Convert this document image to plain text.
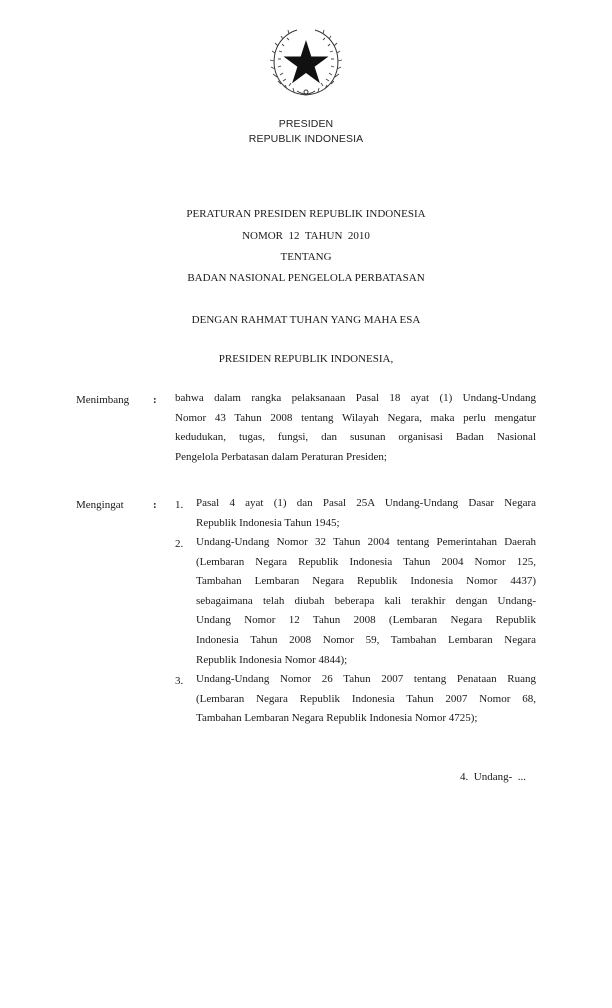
PRESIDEN
REPUBLIK INDONESIA
PERATURAN PRESIDEN REPUBLIK INDONESIA
NOMOR  12  TAHUN  2010
TENTANG
BADAN NASIONAL PENGELOLA PERBATASAN
DENGAN RAHMAT TUHAN YANG MAHA ESA
PRESIDEN REPUBLIK INDONESIA,
Menimbang : bahwa dalam rangka pelaksanaan Pasal 18 ayat (1) Undang-Undang
Nomor 43 Tahun 2008 tentang Wilayah Negara, maka perlu mengatur
kedudukan, tugas, fungsi, dan susunan organisasi Badan Nasional
Pengelola Perbatasan dalam Peraturan Presiden;
Mengingat	: 1. Pasal 4 ayat (1) dan Pasal 25A Undang-Undang Dasar Negara
Republik Indonesia Tahun 1945;
2. Undang-Undang Nomor 32 Tahun 2004 tentang Pemerintahan Daerah
(Lembaran Negara Republik Indonesia Tahun 2004 Nomor 125,
Tambahan Lembaran Negara Republik Indonesia Nomor 4437)
sebagaimana telah diubah beberapa kali terakhir dengan Undang-
Undang Nomor 12 Tahun 2008 (Lembaran Negara Republik
Indonesia Tahun 2008 Nomor 59, Tambahan Lembaran Negara
Republik Indonesia Nomor 4844);
3. Undang-Undang Nomor 26 Tahun 2007 tentang Penataan Ruang
(Lembaran Negara Republik Indonesia Tahun 2007 Nomor 68,
Tambahan Lembaran Negara Republik Indonesia Nomor 4725);
4.  Undang-  ...
